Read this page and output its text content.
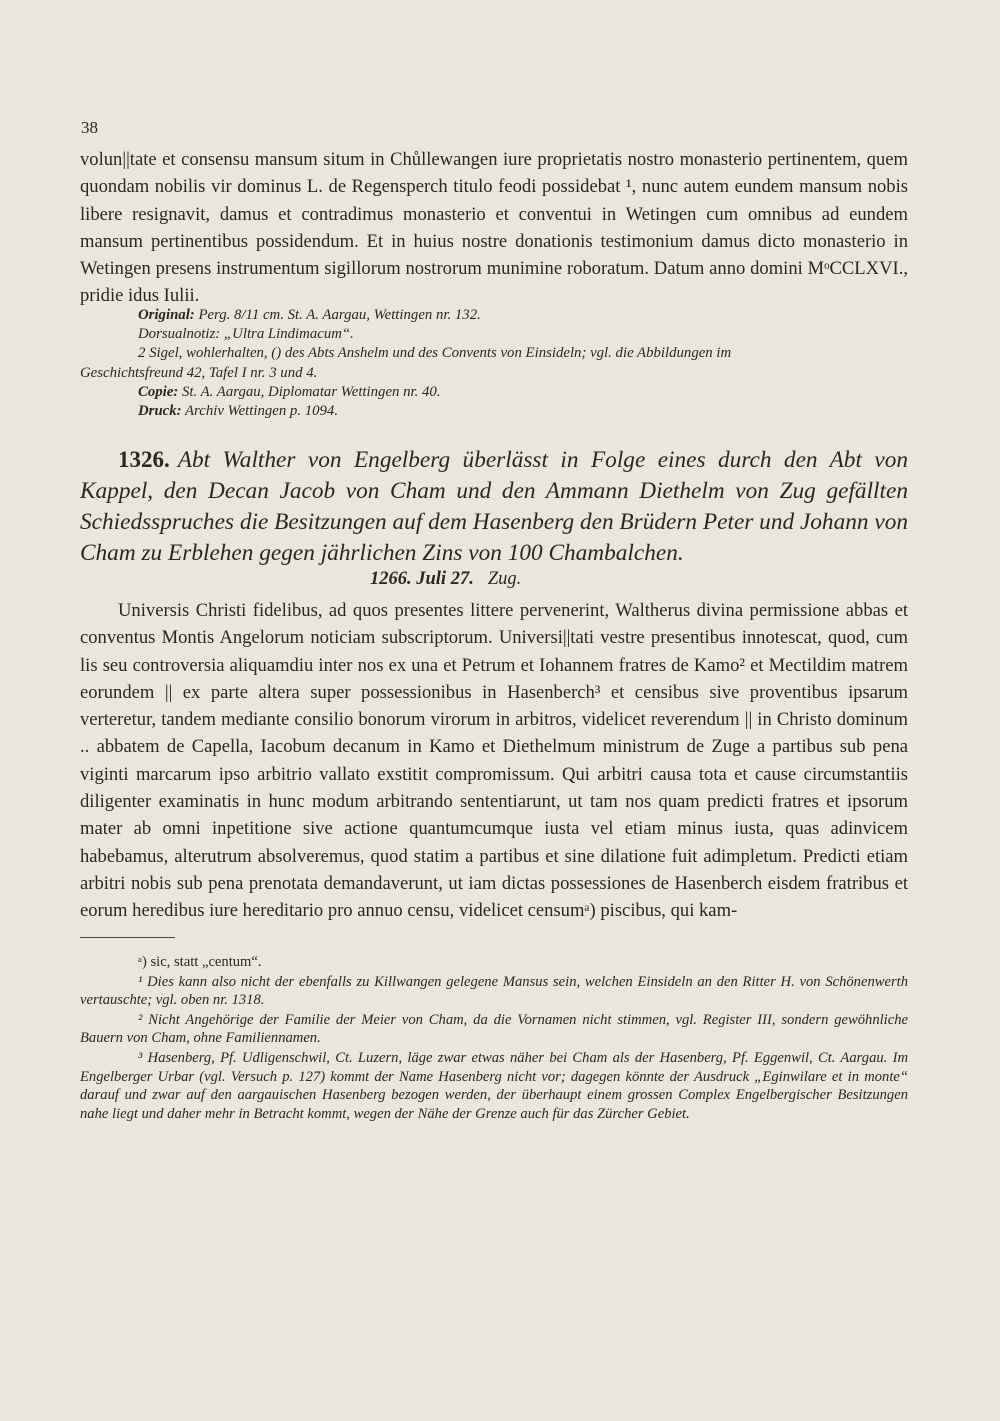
38
volun||tate et consensu mansum situm in Chůllewangen iure proprietatis nostro monasterio pertinentem, quem quondam nobilis vir dominus L. de Regensperch titulo feodi possidebat ¹, nunc autem eundem mansum nobis libere resignavit, damus et contradimus monasterio et conventui in Wetingen cum omnibus ad eundem mansum pertinentibus possidendum. Et in huius nostre donationis testimonium damus dicto monasterio in Wetingen presens instrumentum sigillorum nostrorum munimine roboratum. Datum anno domini MᵒCCLXVI., pridie idus Iulii.
Original: Perg. 8/11 cm. St. A. Aargau, Wettingen nr. 132.
Dorsualnotiz: „Ultra Lindimacum“.
2 Sigel, wohlerhalten, () des Abts Anshelm und des Convents von Einsideln; vgl. die Abbildungen im
Geschichtsfreund 42, Tafel I nr. 3 und 4.
Copie: St. A. Aargau, Diplomatar Wettingen nr. 40.
Druck: Archiv Wettingen p. 1094.
1326. Abt Walther von Engelberg überlässt in Folge eines durch den Abt von Kappel, den Decan Jacob von Cham und den Ammann Diethelm von Zug gefällten Schiedsspruches die Besitzungen auf dem Hasenberg den Brüdern Peter und Johann von Cham zu Erblehen gegen jährlichen Zins von 100 Chambalchen.
1266. Juli 27. Zug.
Universis Christi fidelibus, ad quos presentes littere pervenerint, Waltherus divina permissione abbas et conventus Montis Angelorum noticiam subscriptorum. Universi||tati vestre presentibus innotescat, quod, cum lis seu controversia aliquamdiu inter nos ex una et Petrum et Iohannem fratres de Kamo² et Mectildim matrem eorundem || ex parte altera super possessionibus in Hasenberch³ et censibus sive proventibus ipsarum verteretur, tandem mediante consilio bonorum virorum in arbitros, videlicet reverendum || in Christo dominum .. abbatem de Capella, Iacobum decanum in Kamo et Diethelmum ministrum de Zuge a partibus sub pena viginti marcarum ipso arbitrio vallato exstitit compromissum. Qui arbitri causa tota et cause circumstantiis diligenter examinatis in hunc modum arbitrando sententiarunt, ut tam nos quam predicti fratres et ipsorum mater ab omni inpetitione sive actione quantumcumque iusta vel etiam minus iusta, quas adinvicem habebamus, alterutrum absolveremus, quod statim a partibus et sine dilatione fuit adimpletum. Predicti etiam arbitri nobis sub pena prenotata demandaverunt, ut iam dictas possessiones de Hasenberch eisdem fratribus et eorum heredibus iure hereditario pro annuo censu, videlicet censumᵃ) piscibus, qui kam-
ᵃ) sic, statt „centum“.
¹ Dies kann also nicht der ebenfalls zu Killwangen gelegene Mansus sein, welchen Einsideln an den Ritter H. von Schönenwerth vertauschte; vgl. oben nr. 1318.
² Nicht Angehörige der Familie der Meier von Cham, da die Vornamen nicht stimmen, vgl. Register III, sondern gewöhnliche Bauern von Cham, ohne Familiennamen.
³ Hasenberg, Pf. Udligenschwil, Ct. Luzern, läge zwar etwas näher bei Cham als der Hasenberg, Pf. Eggenwil, Ct. Aargau. Im Engelberger Urbar (vgl. Versuch p. 127) kommt der Name Hasenberg nicht vor; dagegen könnte der Ausdruck „Eginwilare et in monte“ darauf und zwar auf den aargauischen Hasenberg bezogen werden, der überhaupt einem grossen Complex Engelbergischer Besitzungen nahe liegt und daher mehr in Betracht kommt, wegen der Nähe der Grenze auch für das Zürcher Gebiet.
